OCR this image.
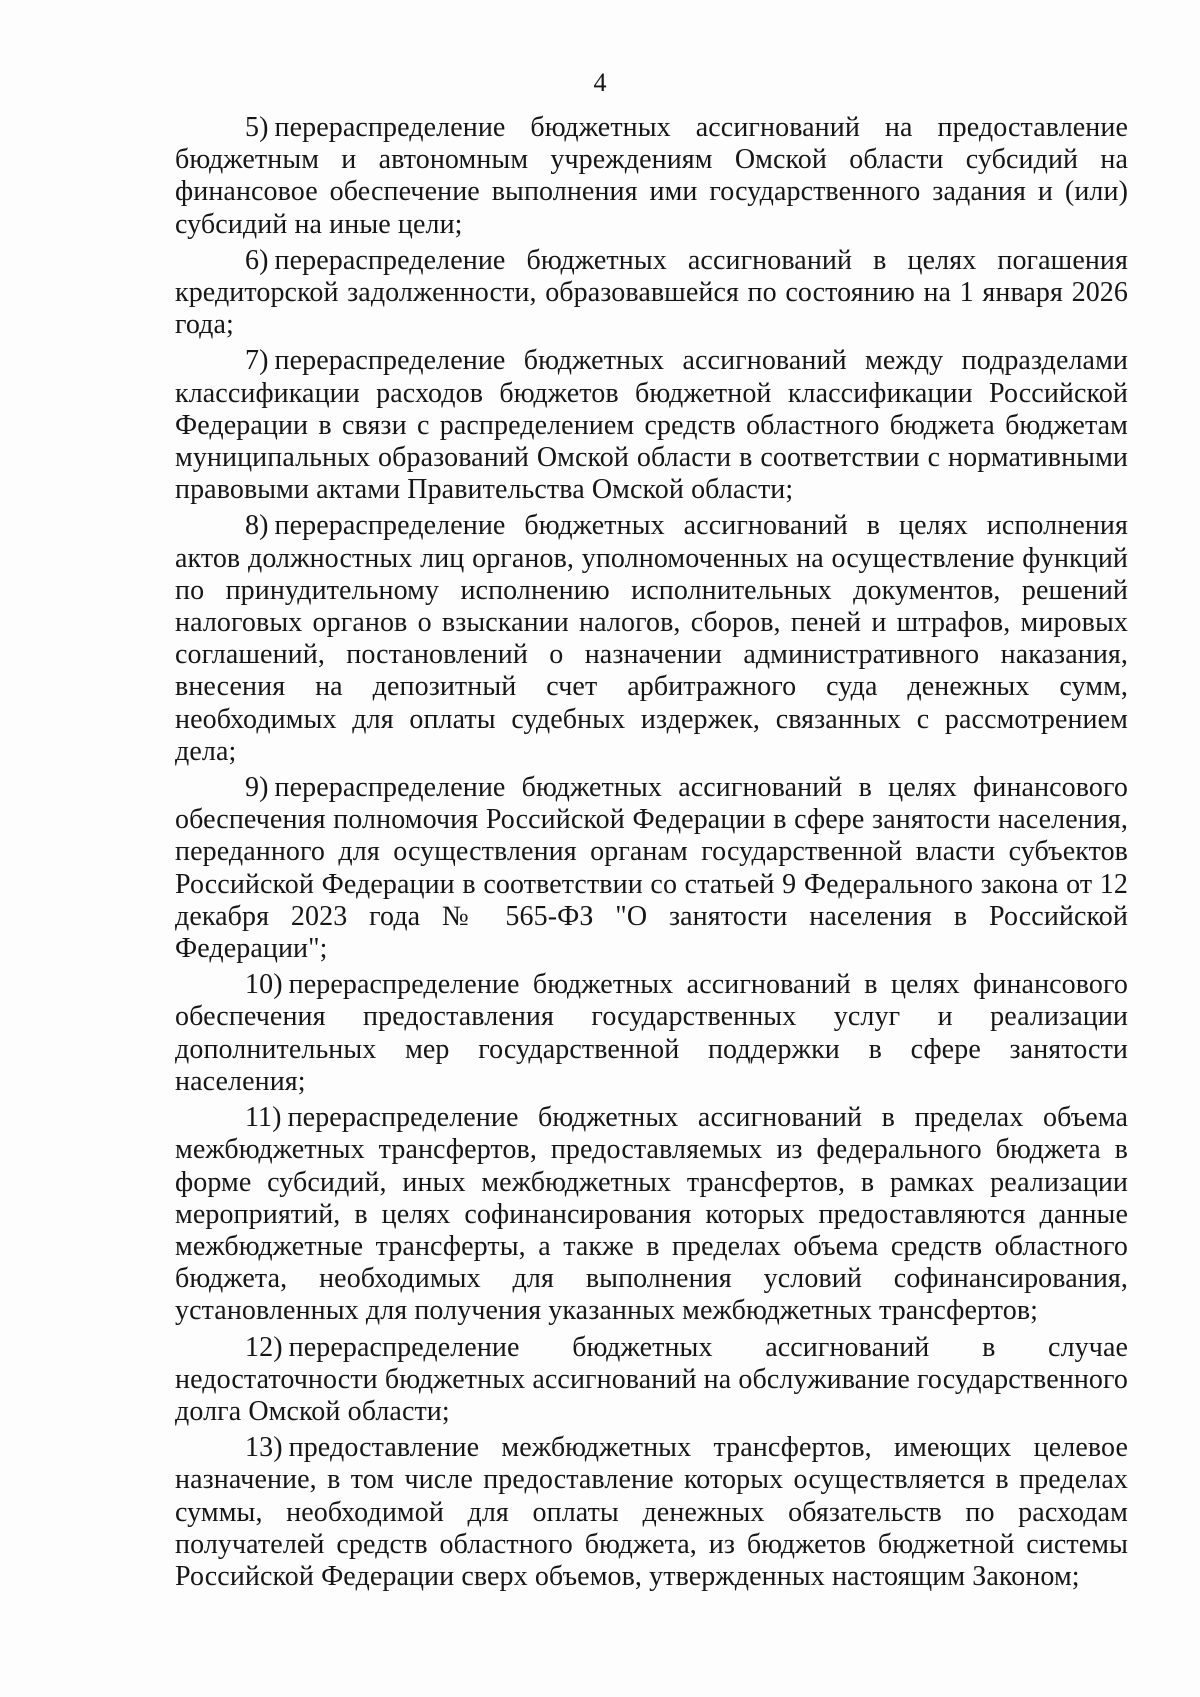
4

5) перераспределение бюджетных ассигнований на предоставление бюджетным и автономным учреждениям Омской области субсидий на финансовое обеспечение выполнения ими государственного задания и (или) субсидий на иные цели;

6) перераспределение бюджетных ассигнований в целях погашения кредиторской задолженности, образовавшейся по состоянию на 1 января 2026 года;

7) перераспределение бюджетных ассигнований между подразделами классификации расходов бюджетов бюджетной классификации Российской Федерации в связи с распределением средств областного бюджета бюджетам муниципальных образований Омской области в соответствии с нормативными правовыми актами Правительства Омской области;

8) перераспределение бюджетных ассигнований в целях исполнения актов должностных лиц органов, уполномоченных на осуществление функций по принудительному исполнению исполнительных документов, решений налоговых органов о взыскании налогов, сборов, пеней и штрафов, мировых соглашений, постановлений о назначении административного наказания, внесения на депозитный счет арбитражного суда денежных сумм, необходимых для оплаты судебных издержек, связанных с рассмотрением дела;

9) перераспределение бюджетных ассигнований в целях финансового обеспечения полномочия Российской Федерации в сфере занятости населения, переданного для осуществления органам государственной власти субъектов Российской Федерации в соответствии со статьей 9 Федерального закона от 12 декабря 2023 года № 565-ФЗ "О занятости населения в Российской Федерации";

10) перераспределение бюджетных ассигнований в целях финансового обеспечения предоставления государственных услуг и реализации дополнительных мер государственной поддержки в сфере занятости населения;

11) перераспределение бюджетных ассигнований в пределах объема межбюджетных трансфертов, предоставляемых из федерального бюджета в форме субсидий, иных межбюджетных трансфертов, в рамках реализации мероприятий, в целях софинансирования которых предоставляются данные межбюджетные трансферты, а также в пределах объема средств областного бюджета, необходимых для выполнения условий софинансирования, установленных для получения указанных межбюджетных трансфертов;

12) перераспределение бюджетных ассигнований в случае недостаточности бюджетных ассигнований на обслуживание государственного долга Омской области;

13) предоставление межбюджетных трансфертов, имеющих целевое назначение, в том числе предоставление которых осуществляется в пределах суммы, необходимой для оплаты денежных обязательств по расходам получателей средств областного бюджета, из бюджетов бюджетной системы Российской Федерации сверх объемов, утвержденных настоящим Законом;
